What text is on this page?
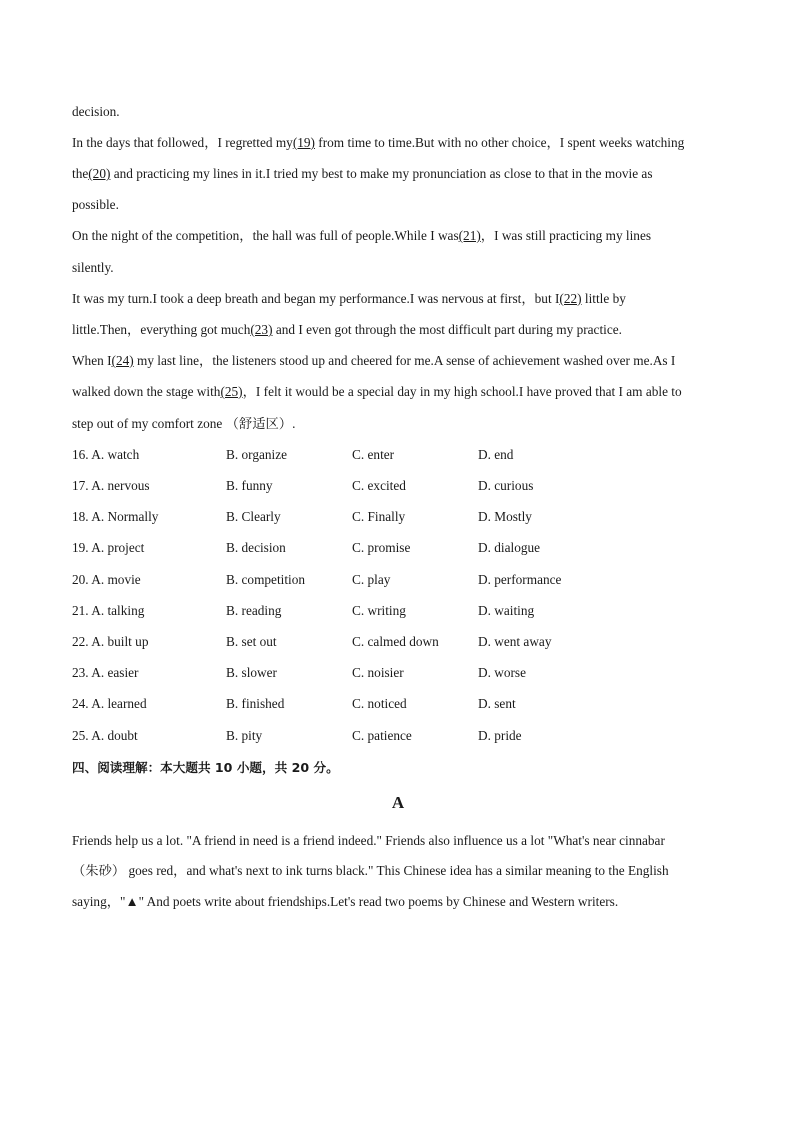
decision.
In the days that followed，I regretted my(19) from time to time.But with no other choice，I spent weeks watching
the(20) and practicing my lines in it.I tried my best to make my pronunciation as close to that in the movie as
possible.
On the night of the competition，the hall was full of people.While I was(21)，I was still practicing my lines
silently.
It was my turn.I took a deep breath and began my performance.I was nervous at first，but I(22) little by
little.Then，everything got much(23) and I even got through the most difficult part during my practice.
When I(24) my last line，the listeners stood up and cheered for me.A sense of achievement washed over me.As I
walked down the stage with(25)，I felt it would be a special day in my high school.I have proved that I am able to
step out of my comfort zone （舒适区）.
16. A. watch	B. organize	C. enter	D. end
17. A. nervous	B. funny	C. excited	D. curious
18. A. Normally	B. Clearly	C. Finally	D. Mostly
19. A. project	B. decision	C. promise	D. dialogue
20. A. movie	B. competition	C. play	D. performance
21. A. talking	B. reading	C. writing	D. waiting
22. A. built up	B. set out	C. calmed down	D. went away
23. A. easier	B. slower	C. noisier	D. worse
24. A. learned	B. finished	C. noticed	D. sent
25. A. doubt	B. pity	C. patience	D. pride
四、阅读理解：本大题共 10 小题，共 20 分。
A
Friends help us a lot. "A friend in need is a friend indeed." Friends also influence us a lot "What's near cinnabar
（朱砂） goes red，and what's next to ink turns black." This Chinese idea has a similar meaning to the English
saying，"▲" And poets write about friendships.Let's read two poems by Chinese and Western writers.
